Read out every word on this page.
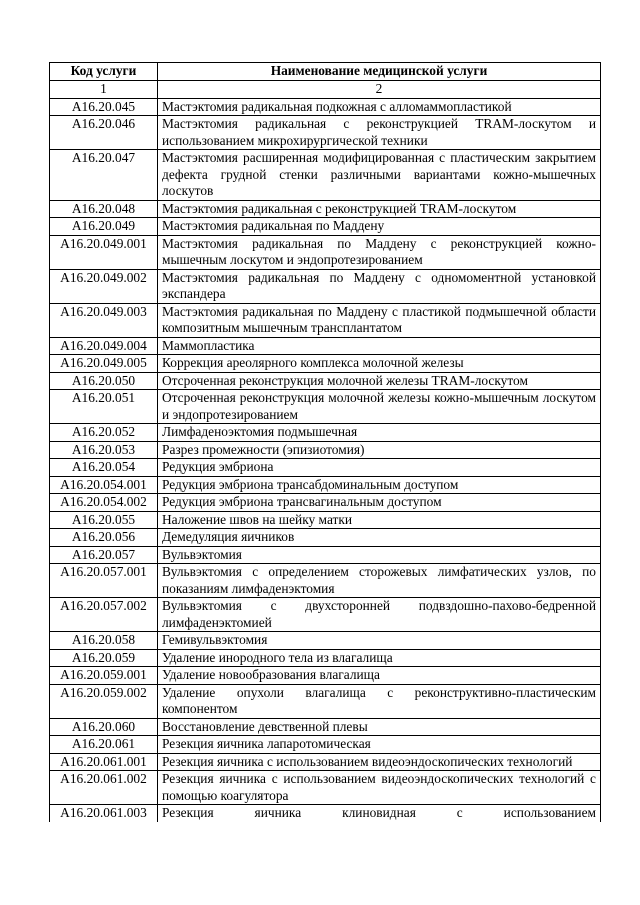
Код услуги	Наименование медицинской услуги
1	2
A16.20.045	Мастэктомия радикальная подкожная с алломаммопластикой
A16.20.046	Мастэктомия радикальная с реконструкцией TRAM-лоскутом и использованием микрохирургической техники
A16.20.047	Мастэктомия расширенная модифицированная с пластическим закрытием дефекта грудной стенки различными вариантами кожно-мышечных лоскутов
A16.20.048	Мастэктомия радикальная с реконструкцией TRAM-лоскутом
A16.20.049	Мастэктомия радикальная по Маддену
A16.20.049.001	Мастэктомия радикальная по Маддену с реконструкцией кожно-мышечным лоскутом и эндопротезированием
A16.20.049.002	Мастэктомия радикальная по Маддену с одномоментной установкой экспандера
A16.20.049.003	Мастэктомия радикальная по Маддену с пластикой подмышечной области композитным мышечным трансплантатом
A16.20.049.004	Маммопластика
A16.20.049.005	Коррекция ареолярного комплекса молочной железы
A16.20.050	Отсроченная реконструкция молочной железы TRAM-лоскутом
A16.20.051	Отсроченная реконструкция молочной железы кожно-мышечным лоскутом и эндопротезированием
A16.20.052	Лимфаденоэктомия подмышечная
A16.20.053	Разрез промежности (эпизиотомия)
A16.20.054	Редукция эмбриона
A16.20.054.001	Редукция эмбриона трансабдоминальным доступом
A16.20.054.002	Редукция эмбриона трансвагинальным доступом
A16.20.055	Наложение швов на шейку матки
A16.20.056	Демедуляция яичников
A16.20.057	Вульвэктомия
A16.20.057.001	Вульвэктомия с определением сторожевых лимфатических узлов, по показаниям лимфаденэктомия
A16.20.057.002	Вульвэктомия с двухсторонней подвздошно-пахово-бедренной лимфаденэктомией
A16.20.058	Гемивульвэктомия
A16.20.059	Удаление инородного тела из влагалища
A16.20.059.001	Удаление новообразования влагалища
A16.20.059.002	Удаление опухоли влагалища с реконструктивно-пластическим компонентом
A16.20.060	Восстановление девственной плевы
A16.20.061	Резекция яичника лапаротомическая
A16.20.061.001	Резекция яичника с использованием видеоэндоскопических технологий
A16.20.061.002	Резекция яичника с использованием видеоэндоскопических технологий с помощью коагулятора
A16.20.061.003	Резекция яичника клиновидная с использованием
